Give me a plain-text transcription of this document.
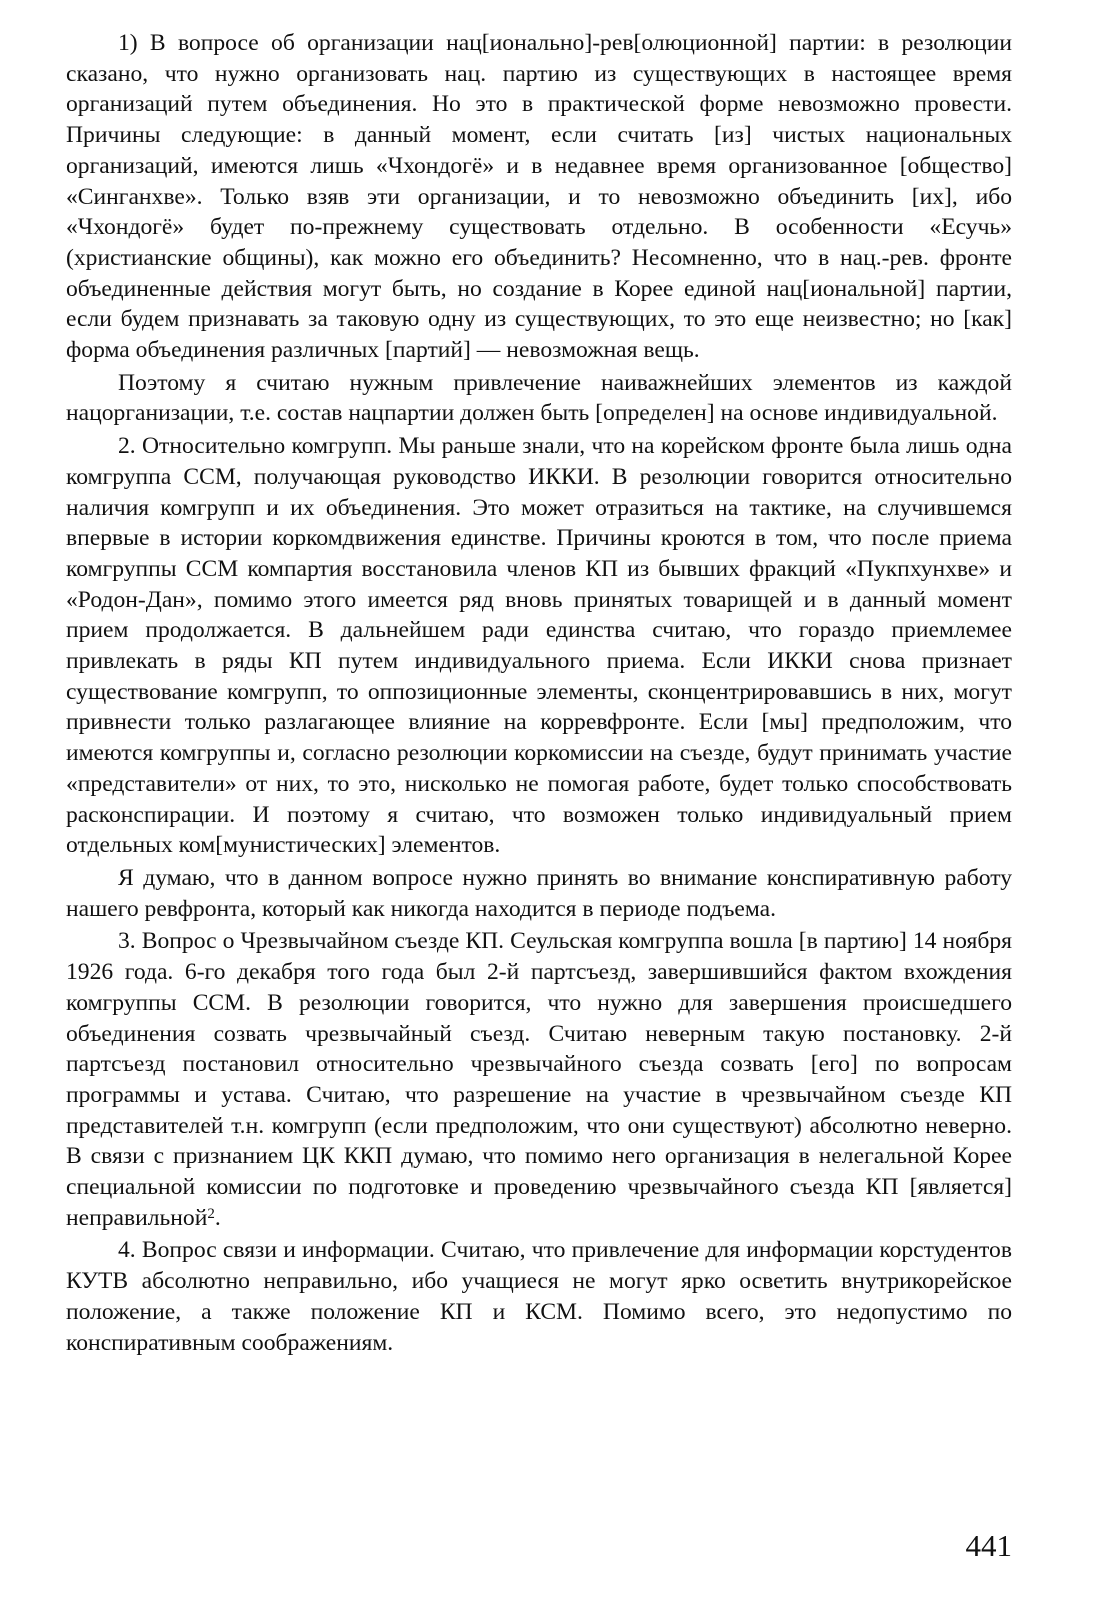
1) В вопросе об организации нац[ионально]-рев[олюционной] партии: в резолюции сказано, что нужно организовать нац. партию из существующих в настоящее время организаций путем объединения. Но это в практической форме невозможно провести. Причины следующие: в данный момент, если считать [из] чистых национальных организаций, имеются лишь «Чхондогё» и в недавнее время организованное [общество] «Синганхве». Только взяв эти организации, и то невозможно объединить [их], ибо «Чхондогё» будет по-прежнему существовать отдельно. В особенности «Есучь» (христианские общины), как можно его объединить? Несомненно, что в нац.-рев. фронте объединенные действия могут быть, но создание в Корее единой нац[иональной] партии, если будем признавать за таковую одну из существующих, то это еще неизвестно; но [как] форма объединения различных [партий] — невозможная вещь.

Поэтому я считаю нужным привлечение наиважнейших элементов из каждой нацорганизации, т.е. состав нацпартии должен быть [определен] на основе индивидуальной.

2. Относительно комгрупп. Мы раньше знали, что на корейском фронте была лишь одна комгруппа ССМ, получающая руководство ИККИ. В резолюции говорится относительно наличия комгрупп и их объединения. Это может отразиться на тактике, на случившемся впервые в истории коркомдвижения единстве. Причины кроются в том, что после приема комгруппы ССМ компартия восстановила членов КП из бывших фракций «Пукпхунхве» и «Родон-Дан», помимо этого имеется ряд вновь принятых товарищей и в данный момент прием продолжается. В дальнейшем ради единства считаю, что гораздо приемлемее привлекать в ряды КП путем индивидуального приема. Если ИККИ снова признает существование комгрупп, то оппозиционные элементы, сконцентрировавшись в них, могут привнести только разлагающее влияние на корревфронте. Если [мы] предположим, что имеются комгруппы и, согласно резолюции коркомиссии на съезде, будут принимать участие «представители» от них, то это, нисколько не помогая работе, будет только способствовать расконспирации. И поэтому я считаю, что возможен только индивидуальный прием отдельных ком[мунистических] элементов.

Я думаю, что в данном вопросе нужно принять во внимание конспиративную работу нашего ревфронта, который как никогда находится в периоде подъема.

3. Вопрос о Чрезвычайном съезде КП. Сеульская комгруппа вошла [в партию] 14 ноября 1926 года. 6-го декабря того года был 2-й партсъезд, завершившийся фактом вхождения комгруппы ССМ. В резолюции говорится, что нужно для завершения происшедшего объединения созвать чрезвычайный съезд. Считаю неверным такую постановку. 2-й партсъезд постановил относительно чрезвычайного съезда созвать [его] по вопросам программы и устава. Считаю, что разрешение на участие в чрезвычайном съезде КП представителей т.н. комгрупп (если предположим, что они существуют) абсолютно неверно. В связи с признанием ЦК ККП думаю, что помимо него организация в нелегальной Корее специальной комиссии по подготовке и проведению чрезвычайного съезда КП [является] неправильной$^2$.

4. Вопрос связи и информации. Считаю, что привлечение для информации корстудентов КУТВ абсолютно неправильно, ибо учащиеся не могут ярко осветить внутрикорейское положение, а также положение КП и КСМ. Помимо всего, это недопустимо по конспиративным соображениям.

441
